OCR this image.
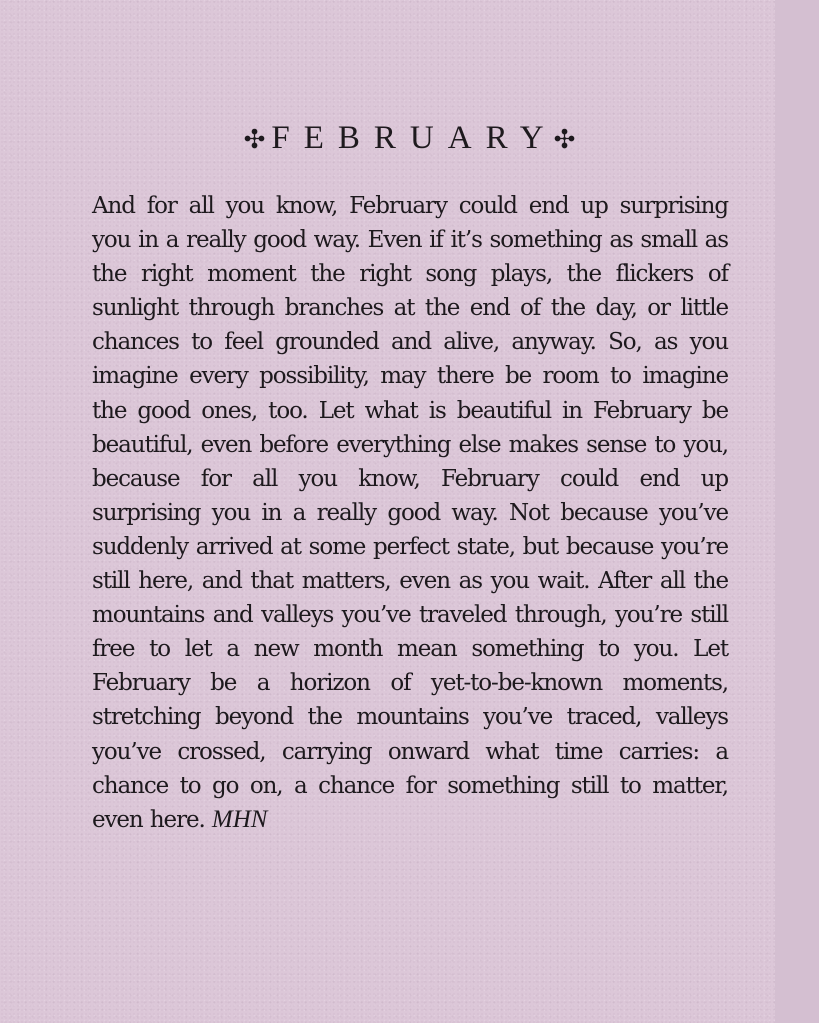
✣ FEBRUARY
✣

And for all you know, February could end up surprising you in a really good way. Even if it’s something as small as the right moment the right song plays, the flickers of sunlight through branches at the end of the day, or little chances to feel grounded and alive, anyway. So, as you imagine every possibility, may there be room to imagine the good ones, too. Let what is beautiful in February be beautiful, even before everything else makes sense to you, because for all you know, February could end up surprising you in a really good way. Not because you’ve suddenly arrived at some perfect state, but because you’re still here, and that matters, even as you wait. After all the mountains and valleys you’ve traveled through, you’re still free to let a new month mean something to you. Let February be a horizon of yet-to-be-known moments, stretching beyond the mountains you’ve traced, valleys you’ve crossed, carrying onward what time carries: a chance to go on, a chance for something still to matter, even here. MHN
